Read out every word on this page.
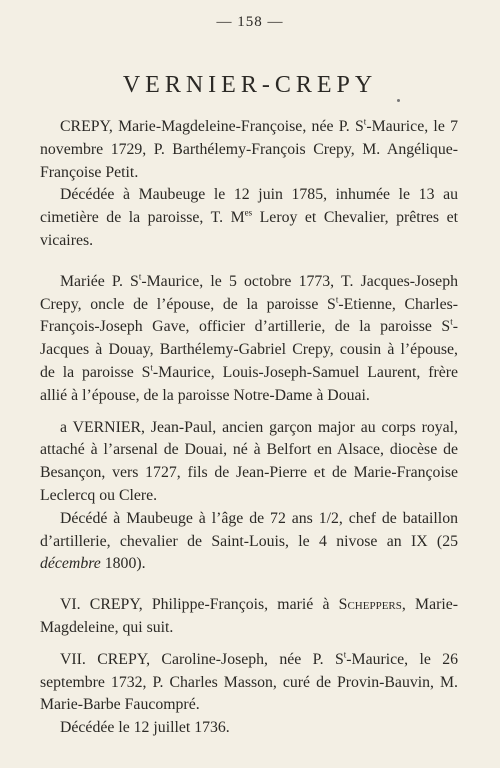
— 158 —
VERNIER-CREPY

CREPY, Marie-Magdeleine-Françoise, née P. $S^t$-Maurice, le 7 novembre 1729, P. Barthélemy-François Crepy, M. Angélique-Françoise Petit.

Décédée à Maubeuge le 12 juin 1785, inhumée le 13 au cimetière de la paroisse, T. $M^{es}$ Leroy et Chevalier, prêtres et vicaires.

Mariée P. $S^t$-Maurice, le 5 octobre 1773, T. Jacques-Joseph Crepy, oncle de l’épouse, de la paroisse $S^t$-Etienne, Charles-François-Joseph Gave, officier d’artillerie, de la paroisse $S^t$-Jacques à Douay, Barthélemy-Gabriel Crepy, cousin à l’épouse, de la paroisse $S^t$-Maurice, Louis-Joseph-Samuel Laurent, frère allié à l’épouse, de la paroisse Notre-Dame à Douai.

a VERNIER, Jean-Paul, ancien garçon major au corps royal, attaché à l’arsenal de Douai, né à Belfort en Alsace, diocèse de Besançon, vers 1727, fils de Jean-Pierre et de Marie-Françoise Leclercq ou Clere.

Décédé à Maubeuge à l’âge de 72 ans 1/2, chef de bataillon d’artillerie, chevalier de Saint-Louis, le 4 nivose an IX (25 décembre 1800).

VI. CREPY, Philippe-François, marié à Scheppers, Marie-Magdeleine, qui suit.

VII. CREPY, Caroline-Joseph, née P. $S^t$-Maurice, le 26 septembre 1732, P. Charles Masson, curé de Provin-Bauvin, M. Marie-Barbe Faucompré.

Décédée le 12 juillet 1736.
